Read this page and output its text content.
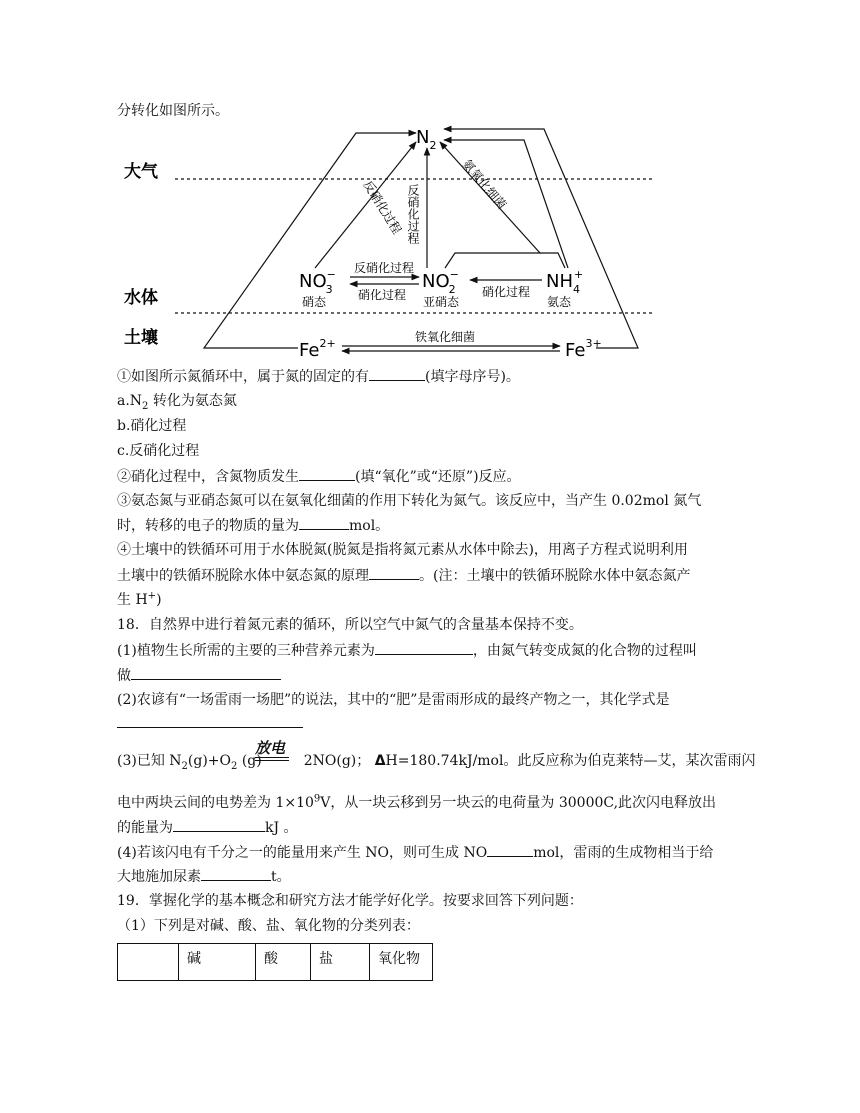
分转化如图所示。
大气
水体
土壤
$N_2$
NO3−
硝态
NO2−
亚硝态
$NH_4+$
氨态
反硝化过程
硝化过程	硝化过程
反硝化过程
反硝化过程	氨氧化细菌
$Fe^{2+}$	$Fe^{3+}$
铁氧化细菌
①如图所示氮循环中，属于氮的固定的有	(填字母序号)。
$a.N_2$ 转化为氨态氮
b.硝化过程
c.反硝化过程
②硝化过程中，含氮物质发生	(填“氧化”或“还原”)反应。
③氨态氮与亚硝态氮可以在氨氧化细菌的作用下转化为氮气。该反应中，当产生 0.02mol 氮气
时，转移的电子的物质的量为	mol。
④土壤中的铁循环可用于水体脱氮(脱氮是指将氮元素从水体中除去)，用离子方程式说明利用
土壤中的铁循环脱除水体中氨态氮的原理	。(注：土壤中的铁循环脱除水体中氨态氮产
生 H+)
18．自然界中进行着氮元素的循环，所以空气中氮气的含量基本保持不变。
(1)植物生长所需的主要的三种营养元素为	，由氮气转变成氮的化合物的过程叫
做
(2)农谚有“一场雷雨一场肥”的说法，其中的“肥”是雷雨形成的最终产物之一，其化学式是
放电
(3)已知 $N_2(g)+O_2$ (g)	2NO(g)； ΔH=180.74kJ/mol。此反应称为伯克莱特—艾，某次雷雨闪
电中两块云间的电势差为 $1\times 10^9V$，从一块云移到另一块云的电荷量为 30000C,此次闪电释放出
的能量为	kJ 。
(4)若该闪电有千分之一的能量用来产生 NO，则可生成 NO	mol，雷雨的生成物相当于给
大地施加尿素	t。
19．掌握化学的基本概念和研究方法才能学好化学。按要求回答下列问题：
（1）下列是对碱、酸、盐、氧化物的分类列表：
	碱	酸	盐	氧化物
